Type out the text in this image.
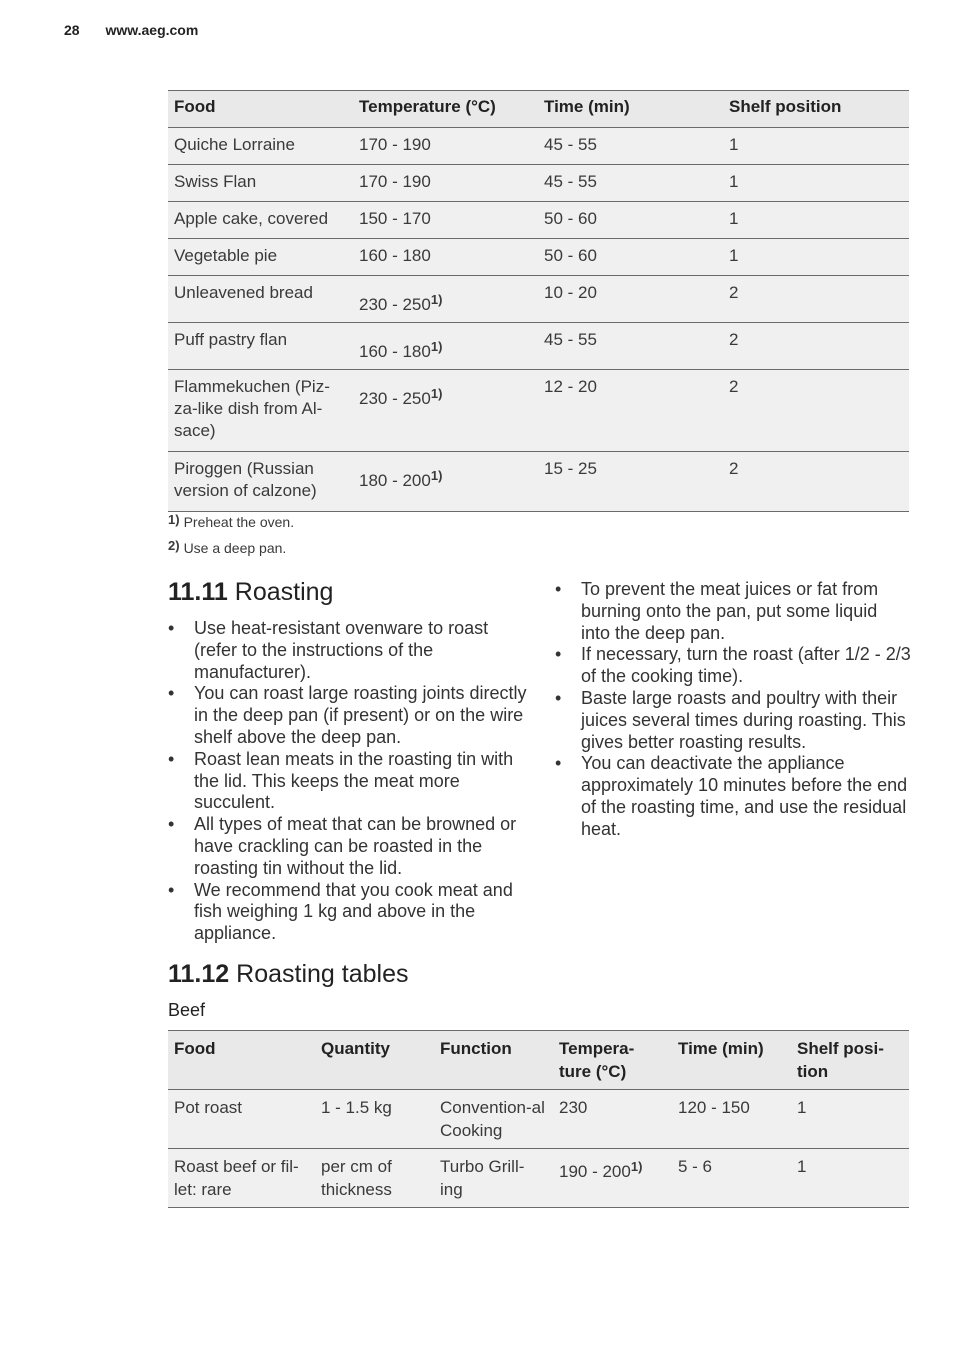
28 www.aeg.com
Food	Temperature (°C)	Time (min)	Shelf position
Quiche Lorraine	170 - 190	45 - 55	1
Swiss Flan	170 - 190	45 - 55	1
Apple cake, covered	150 - 170	50 - 60	1
Vegetable pie	160 - 180	50 - 60	1
Unleavened bread	230 - 250$^{1)}$	10 - 20	2
Puff pastry flan	160 - 180$^{1)}$	45 - 55	2
Flammekuchen (Piz-za-like dish from Al-sace)	230 - 250$^{1)}$	12 - 20	2
Piroggen (Russian version of calzone)	180 - 200$^{1)}$	15 - 25	2
1) Preheat the oven.
2) Use a deep pan.
11.11 Roasting
• Use heat-resistant ovenware to roast (refer to the instructions of the manufacturer).
• You can roast large roasting joints directly in the deep pan (if present) or on the wire shelf above the deep pan.
• Roast lean meats in the roasting tin with the lid. This keeps the meat more succulent.
• All types of meat that can be browned or have crackling can be roasted in the roasting tin without the lid.
• We recommend that you cook meat and fish weighing 1 kg and above in the appliance.
• To prevent the meat juices or fat from burning onto the pan, put some liquid into the deep pan.
• If necessary, turn the roast (after 1/2 - 2/3 of the cooking time).
• Baste large roasts and poultry with their juices several times during roasting. This gives better roasting results.
• You can deactivate the appliance approximately 10 minutes before the end of the roasting time, and use the residual heat.
11.12 Roasting tables
Beef
Food	Quantity	Function	Tempera-ture (°C)	Time (min)	Shelf posi-tion
Pot roast	1 - 1.5 kg	Convention-al Cooking	230	120 - 150	1
Roast beef or fil-let: rare	per cm of thickness	Turbo Grill-ing	190 - 200$^{1)}$	5 - 6	1
